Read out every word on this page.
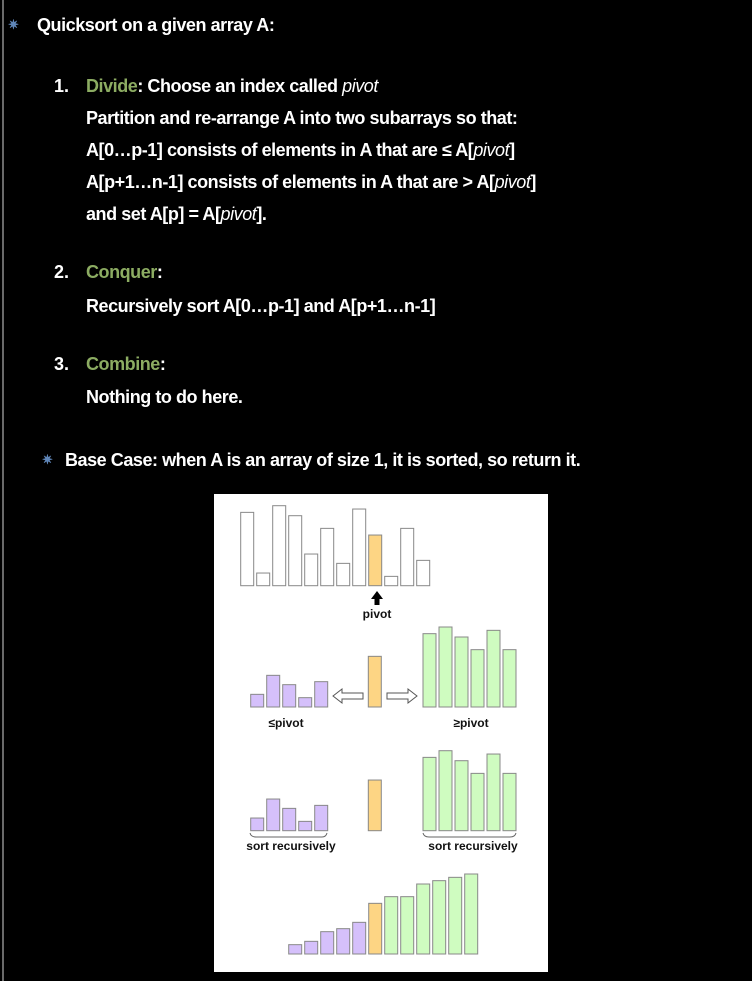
✷ Quicksort on a given array A:
1. Divide: Choose an index called pivot
Partition and re-arrange A into two subarrays so that:
A[0…p-1] consists of elements in A that are ≤ A[pivot]
A[p+1…n-1] consists of elements in A that are > A[pivot]
and set A[p] = A[pivot].
2. Conquer:
Recursively sort A[0…p-1] and A[p+1…n-1]
3. Combine:
Nothing to do here.
✷ Base Case: when A is an array of size 1, it is sorted, so return it.
pivot
≤pivot	≥pivot
sort recursively	sort recursively
